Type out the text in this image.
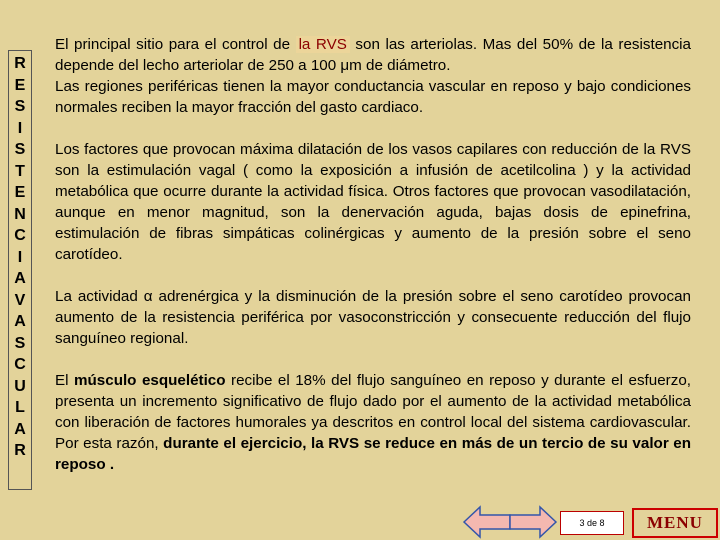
R
E
S
I
S
T
E
N
C
I
A
V
A
S
C
U
L
A
R

El principal sitio para el control de la RVS son las arteriolas. Mas del 50% de la resistencia depende del lecho arteriolar de 250 a 100 μm de diámetro.

Las regiones periféricas tienen la mayor conductancia vascular en reposo y bajo condiciones normales reciben la mayor fracción del gasto cardiaco.

Los factores que provocan máxima dilatación de los vasos capilares con reducción de la RVS son la estimulación vagal ( como la exposición a infusión de acetilcolina ) y la actividad metabólica que ocurre durante la actividad física. Otros factores que provocan vasodilatación, aunque en menor magnitud, son la denervación aguda, bajas dosis de epinefrina, estimulación de fibras simpáticas colinérgicas y aumento de la presión sobre el seno carotídeo.

La actividad α adrenérgica y la disminución de la presión sobre el seno carotídeo provocan aumento de la resistencia periférica por vasoconstricción y consecuente reducción del flujo sanguíneo regional.

El músculo esquelético recibe el 18% del flujo sanguíneo en reposo y durante el esfuerzo, presenta un incremento significativo de flujo dado por el aumento de la actividad metabólica con liberación de factores humorales ya descritos en control local del sistema cardiovascular. Por esta razón, durante el ejercicio, la RVS se reduce en más de un tercio de su valor en reposo .

3 de 8	MENU
